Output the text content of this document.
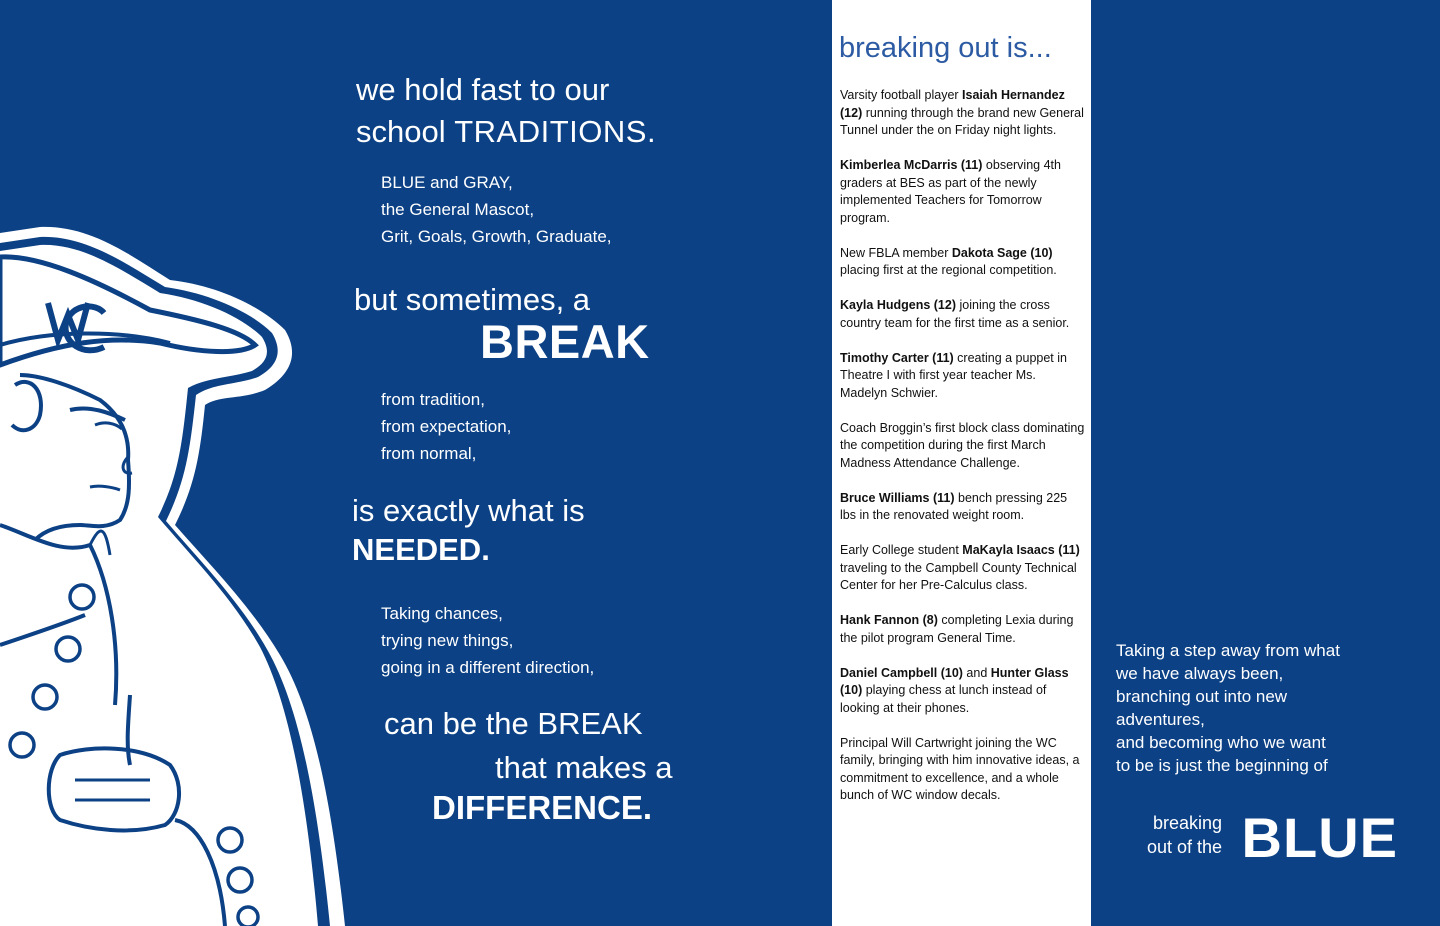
we hold fast to our
school TRADITIONS.
BLUE and GRAY,
the General Mascot,
Grit, Goals, Growth, Graduate,
but sometimes, a
BREAK
from tradition,
from expectation,
from normal,
is exactly what is
NEEDED.
Taking chances,
trying new things,
going in a different direction,
can be the BREAK
that makes a
DIFFERENCE.
breaking out is...

Varsity football player Isaiah Hernandez (12) running through the brand new General Tunnel under the on Friday night lights.

Kimberlea McDarris (11) observing 4th graders at BES as part of the newly implemented Teachers for Tomorrow program.

New FBLA member Dakota Sage (10) placing first at the regional competition.

Kayla Hudgens (12) joining the cross country team for the first time as a senior.

Timothy Carter (11) creating a puppet in Theatre I with first year teacher Ms. Madelyn Schwier.

Coach Broggin’s first block class dominating the competition during the first March Madness Attendance Challenge.

Bruce Williams (11) bench pressing 225 lbs in the renovated weight room.

Early College student MaKayla Isaacs (11) traveling to the Campbell County Technical Center for her Pre-Calculus class.

Hank Fannon (8) completing Lexia during the pilot program General Time.

Daniel Campbell (10) and Hunter Glass (10) playing chess at lunch instead of looking at their phones.

Principal Will Cartwright joining the WC family, bringing with him innovative ideas, a commitment to excellence, and a whole bunch of WC window decals.

Taking a step away from what
we have always been,
branching out into new
adventures,
and becoming who we want
to be is just the beginning of
breaking
out of the BLUE
